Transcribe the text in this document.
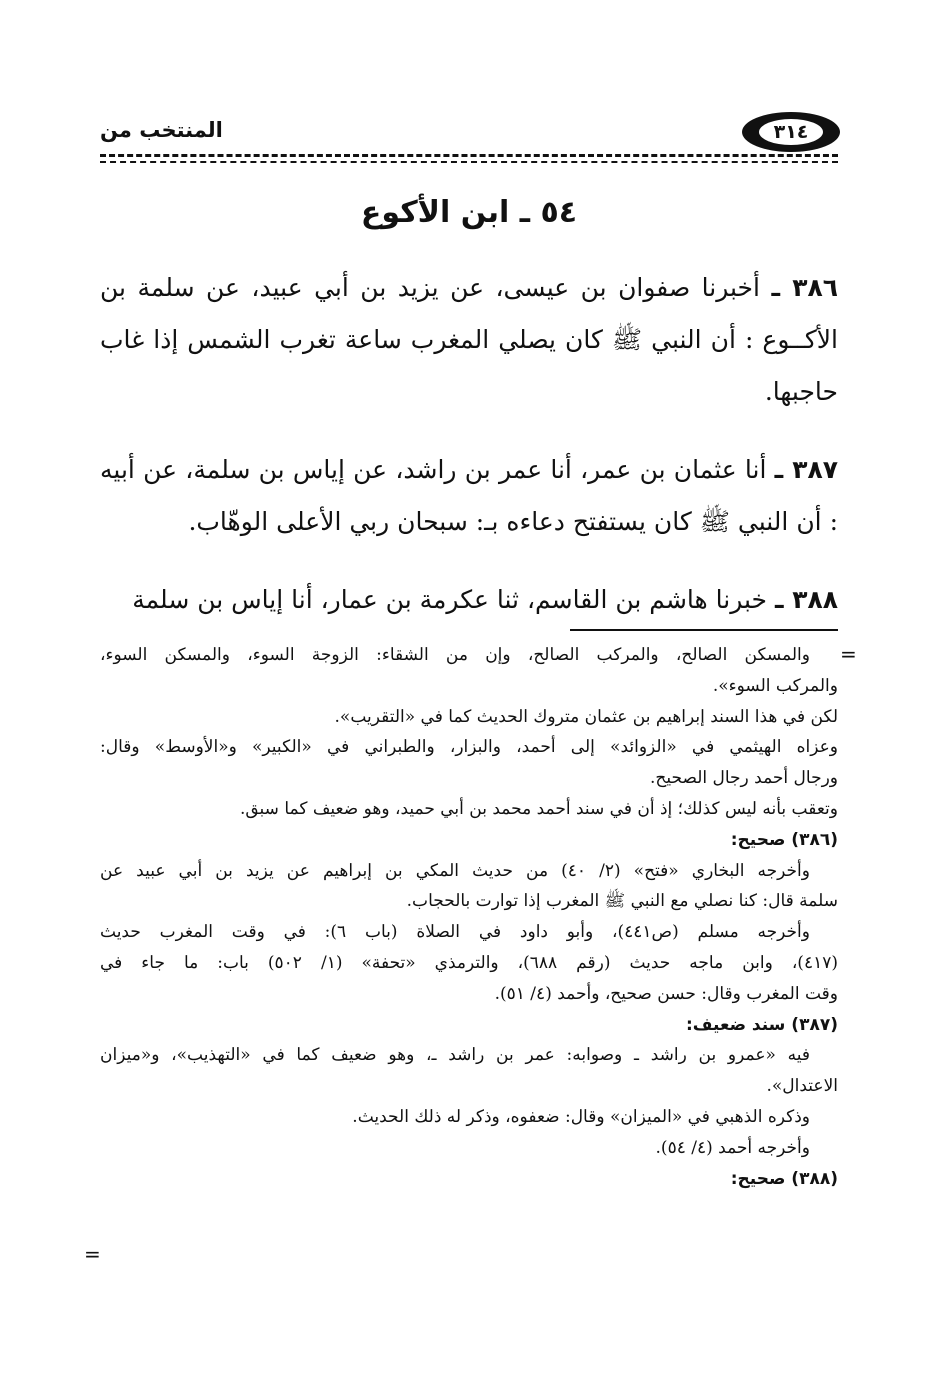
٣١٤
المنتخب من
٥٤ ـ ابن الأكوع

٣٨٦ ـ أخبرنا صفوان بن عيسى، عن يزيد بن أبي عبيد، عن سلمة بن الأكــوع : أن النبي ﷺ كان يصلي المغرب ساعة تغرب الشمس إذا غاب حاجبها.

٣٨٧ ـ أنا عثمان بن عمر، أنا عمر بن راشد، عن إياس بن سلمة، عن أبيه : أن النبي ﷺ كان يستفتح دعاءه بـ: سبحان ربي الأعلى الوهّاب.

٣٨٨ ـ خبرنا هاشم بن القاسم، ثنا عكرمة بن عمار، أنا إياس بن سلمة

=
والمسكن الصالح، والمركب الصالح، وإن من الشقاء: الزوجة السوء، والمسكن السوء،
والمركب السوء».
لكن في هذا السند إبراهيم بن عثمان متروك الحديث كما في «التقريب».
وعزاه الهيثمي في «الزوائد» إلى أحمد، والبزار، والطبراني في «الكبير» و«الأوسط» وقال:
ورجال أحمد رجال الصحيح.
وتعقب بأنه ليس كذلك؛ إذ أن في سند أحمد محمد بن أبي حميد، وهو ضعيف كما سبق.
(٣٨٦) صحيح:
وأخرجه البخاري «فتح» (٢/ ٤٠) من حديث المكي بن إبراهيم عن يزيد بن أبي عبيد عن
سلمة قال: كنا نصلي مع النبي ﷺ المغرب إذا توارت بالحجاب.
وأخرجه مسلم (ص٤٤١)، وأبو داود في الصلاة (باب ٦): في وقت المغرب حديث
(٤١٧)، وابن ماجه حديث (رقم ٦٨٨)، والترمذي «تحفة» (١/ ٥٠٢) باب: ما جاء في
وقت المغرب وقال: حسن صحيح، وأحمد (٤/ ٥١).
(٣٨٧) سند ضعيف:
فيه «عمرو بن راشد ـ وصوابه: عمر بن راشد ـ، وهو ضعيف كما في «التهذيب»، و«ميزان
الاعتدال».
وذكره الذهبي في «الميزان» وقال: ضعفوه، وذكر له ذلك الحديث.
وأخرجه أحمد (٤/ ٥٤).
(٣٨٨) صحيح:
=
